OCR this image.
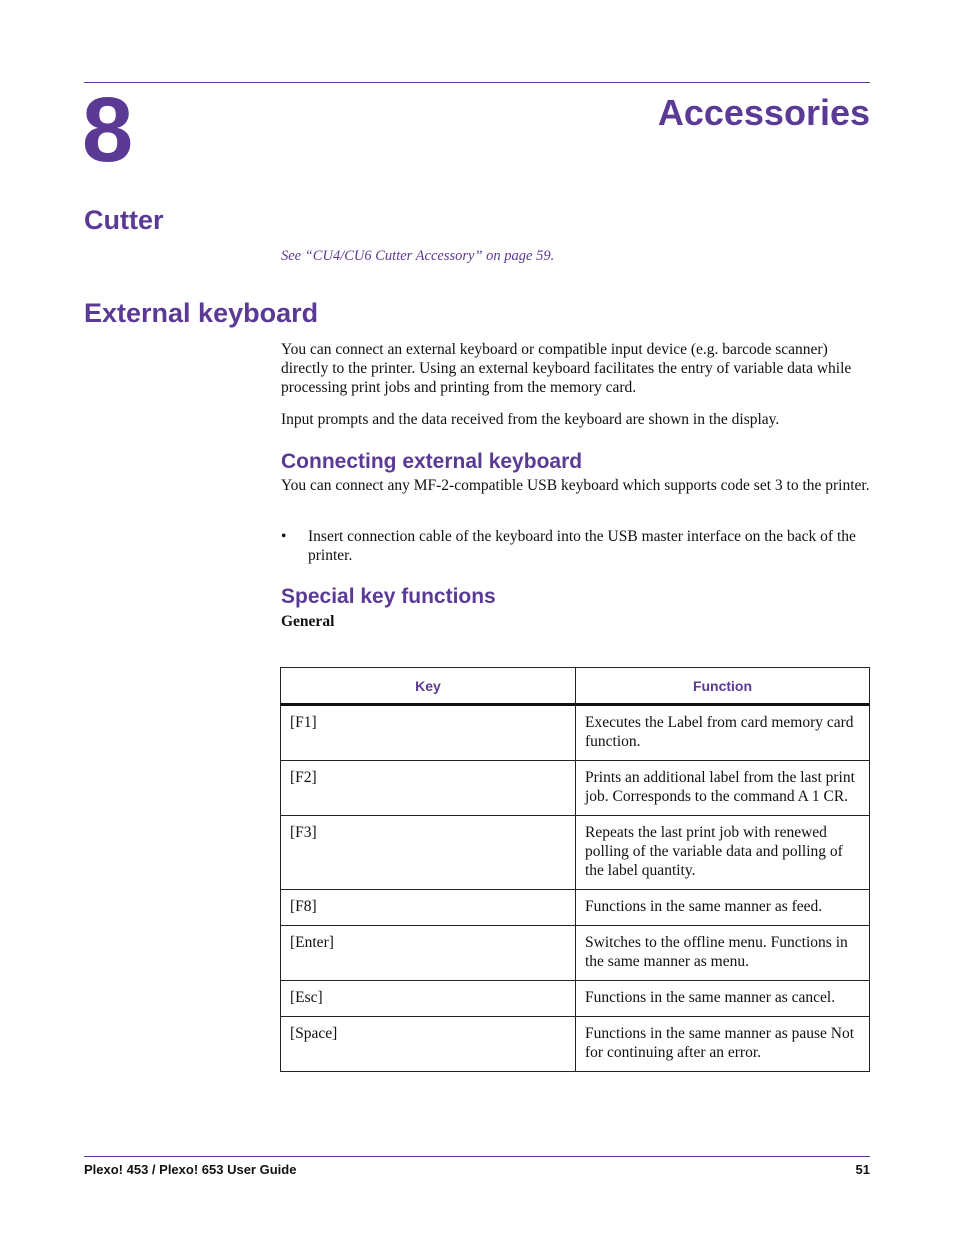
8	Accessories
Cutter

See “CU4/CU6 Cutter Accessory” on page 59.

External keyboard

You can connect an external keyboard or compatible input device (e.g. barcode scanner) directly to the printer. Using an external keyboard facilitates the entry of variable data while processing print jobs and printing from the memory card.

Input prompts and the data received from the keyboard are shown in the display.

Connecting external keyboard

You can connect any MF-2-compatible USB keyboard which supports code set 3 to the printer.

• Insert connection cable of the keyboard into the USB master interface on the back of the printer.

Special key functions

General

Key	Function
[F1]	Executes the Label from card memory card function.
[F2]	Prints an additional label from the last print job. Corresponds to the command A 1 CR.
[F3]	Repeats the last print job with renewed polling of the variable data and polling of the label quantity.
[F8]	Functions in the same manner as feed.
[Enter]	Switches to the offline menu. Functions in the same manner as menu.
[Esc]	Functions in the same manner as cancel.
[Space]	Functions in the same manner as pause Not for continuing after an error.
Plexo! 453 / Plexo! 653 User Guide	51
